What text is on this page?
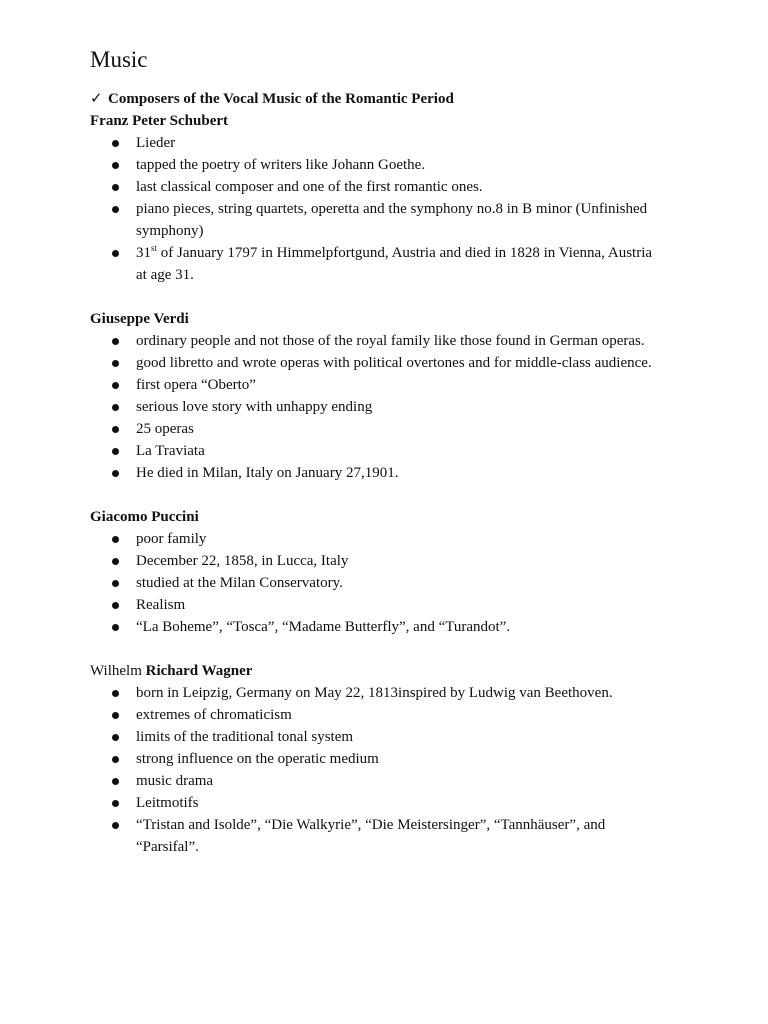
Music
✓ Composers of the Vocal Music of the Romantic Period

Franz Peter Schubert

Lieder
tapped the poetry of writers like Johann Goethe.
last classical composer and one of the first romantic ones.
piano pieces, string quartets, operetta and the symphony no.8 in B minor (Unfinished symphony)
31st of January 1797 in Himmelpfortgund, Austria and died in 1828 in Vienna, Austria at age 31.

Giuseppe Verdi

ordinary people and not those of the royal family like those found in German operas.
good libretto and wrote operas with political overtones and for middle-class audience.
first opera “Oberto”
serious love story with unhappy ending
25 operas
La Traviata
He died in Milan, Italy on January 27,1901.

Giacomo Puccini

poor family
December 22, 1858, in Lucca, Italy
studied at the Milan Conservatory.
Realism
“La Boheme”, “Tosca”, “Madame Butterfly”, and “Turandot”.

Wilhelm Richard Wagner

born in Leipzig, Germany on May 22, 1813inspired by Ludwig van Beethoven.
extremes of chromaticism
limits of the traditional tonal system
strong influence on the operatic medium
music drama
Leitmotifs
“Tristan and Isolde”, “Die Walkyrie”, “Die Meistersinger”, “Tannhäuser”, and “Parsifal”.
